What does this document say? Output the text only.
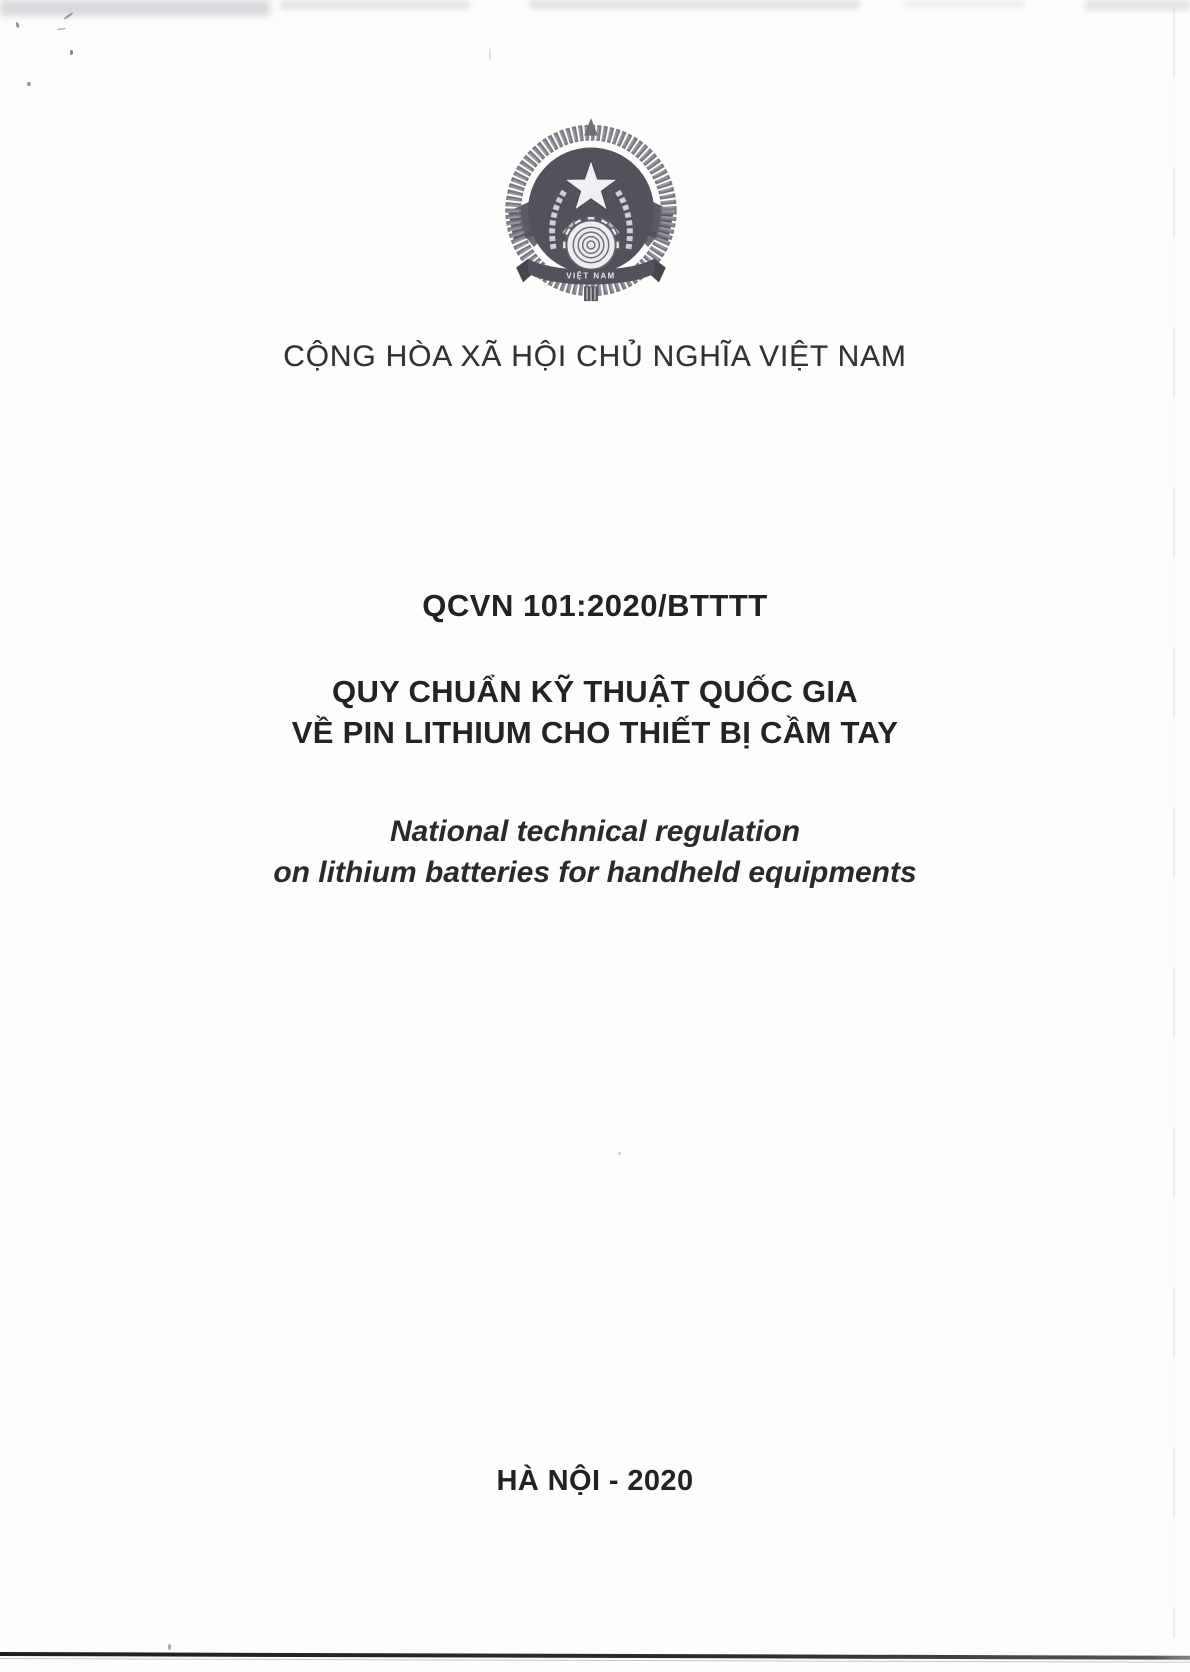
VIỆT NAM
CỘNG HÒA XÃ HỘI CHỦ NGHĨA VIỆT NAM
QCVN 101:2020/BTTTT
QUY CHUẨN KỸ THUẬT QUỐC GIA
VỀ PIN LITHIUM CHO THIẾT BỊ CẦM TAY
National technical regulation
on lithium batteries for handheld equipments
HÀ NỘI - 2020
